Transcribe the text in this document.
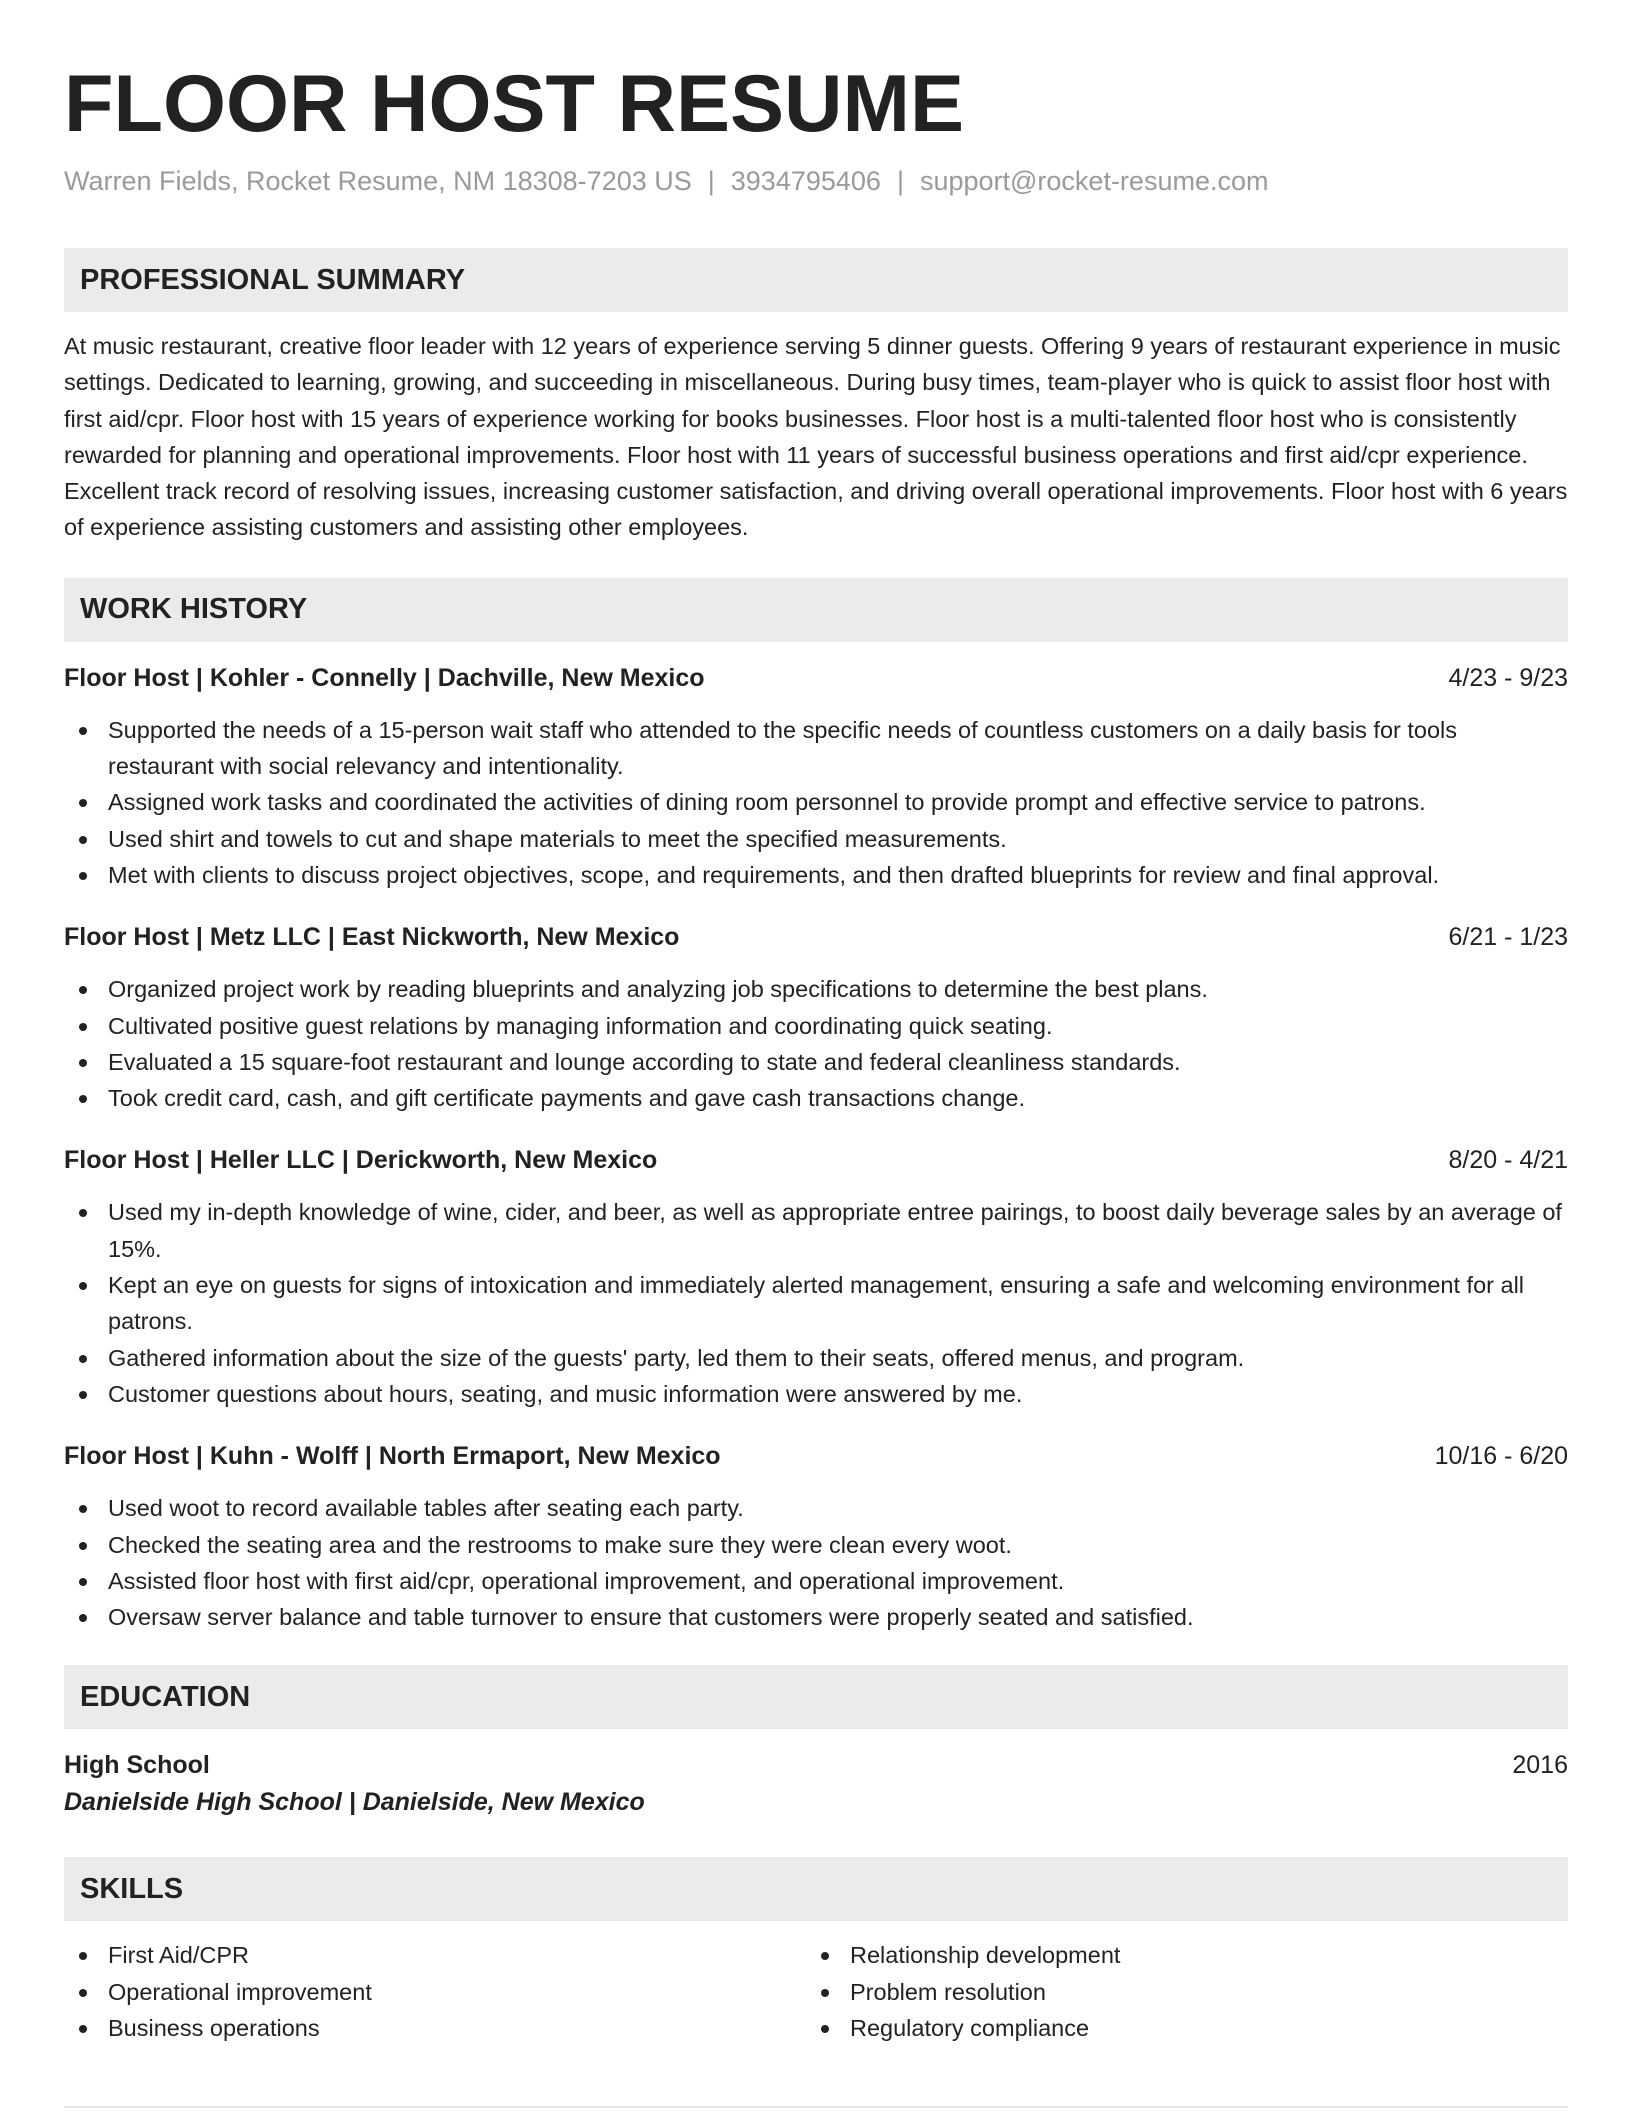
FLOOR HOST RESUME
Warren Fields, Rocket Resume, NM 18308-7203 US | 3934795406 | support@rocket-resume.com
PROFESSIONAL SUMMARY

At music restaurant, creative floor leader with 12 years of experience serving 5 dinner guests. Offering 9 years of restaurant experience in music settings. Dedicated to learning, growing, and succeeding in miscellaneous. During busy times, team-player who is quick to assist floor host with first aid/cpr. Floor host with 15 years of experience working for books businesses. Floor host is a multi-talented floor host who is consistently rewarded for planning and operational improvements. Floor host with 11 years of successful business operations and first aid/cpr experience. Excellent track record of resolving issues, increasing customer satisfaction, and driving overall operational improvements. Floor host with 6 years of experience assisting customers and assisting other employees.

WORK HISTORY
Floor Host | Kohler - Connelly | Dachville, New Mexico	4/23 - 9/23
Supported the needs of a 15-person wait staff who attended to the specific needs of countless customers on a daily basis for tools restaurant with social relevancy and intentionality.
Assigned work tasks and coordinated the activities of dining room personnel to provide prompt and effective service to patrons.
Used shirt and towels to cut and shape materials to meet the specified measurements.
Met with clients to discuss project objectives, scope, and requirements, and then drafted blueprints for review and final approval.
Floor Host | Metz LLC | East Nickworth, New Mexico	6/21 - 1/23
Organized project work by reading blueprints and analyzing job specifications to determine the best plans.
Cultivated positive guest relations by managing information and coordinating quick seating.
Evaluated a 15 square-foot restaurant and lounge according to state and federal cleanliness standards.
Took credit card, cash, and gift certificate payments and gave cash transactions change.
Floor Host | Heller LLC | Derickworth, New Mexico	8/20 - 4/21
Used my in-depth knowledge of wine, cider, and beer, as well as appropriate entree pairings, to boost daily beverage sales by an average of 15%.
Kept an eye on guests for signs of intoxication and immediately alerted management, ensuring a safe and welcoming environment for all patrons.
Gathered information about the size of the guests' party, led them to their seats, offered menus, and program.
Customer questions about hours, seating, and music information were answered by me.
Floor Host | Kuhn - Wolff | North Ermaport, New Mexico	10/16 - 6/20
Used woot to record available tables after seating each party.
Checked the seating area and the restrooms to make sure they were clean every woot.
Assisted floor host with first aid/cpr, operational improvement, and operational improvement.
Oversaw server balance and table turnover to ensure that customers were properly seated and satisfied.
EDUCATION
High School	2016
Danielside High School | Danielside, New Mexico
SKILLS
First Aid/CPR
Operational improvement
Business operations
Relationship development
Problem resolution
Regulatory compliance
